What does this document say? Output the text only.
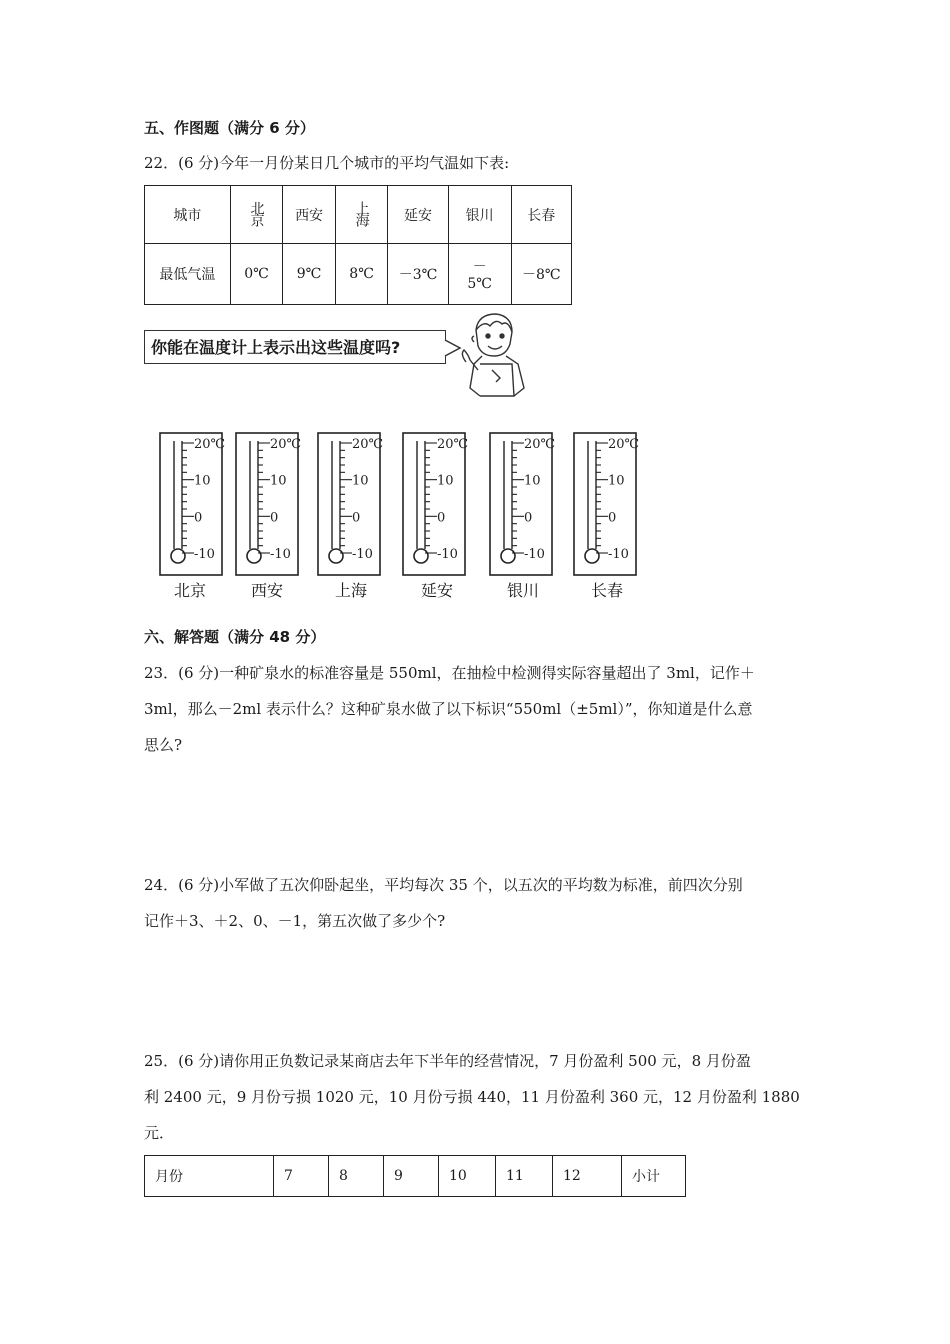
五、作图题（满分 6 分）
22．(6 分)今年一月份某日几个城市的平均气温如下表:
城市	北京	西安	上海	延安	银川	长春
最低气温	0℃	9℃	8℃	－3℃	－5℃	－8℃
你能在温度计上表示出这些温度吗?
20℃
10
0
-10
20℃
10
0
-10
20℃
10
0
-10
20℃
10
0
-10
20℃
10
0
-10
20℃
10
0
-10
北京	西安	上海	延安	银川	长春
六、解答题（满分 48 分）
23．(6 分)一种矿泉水的标准容量是 550ml，在抽检中检测得实际容量超出了 3ml，记作＋
3ml，那么－2ml 表示什么？这种矿泉水做了以下标识“550ml（±5ml）”，你知道是什么意
思么?
24．(6 分)小军做了五次仰卧起坐，平均每次 35 个，以五次的平均数为标准，前四次分别
记作＋3、＋2、0、－1，第五次做了多少个?
25．(6 分)请你用正负数记录某商店去年下半年的经营情况，7 月份盈利 500 元，8 月份盈
利 2400 元，9 月份亏损 1020 元，10 月份亏损 440，11 月份盈利 360 元，12 月份盈利 1880
元．
月份	7	8	9	10	11	12	小计
